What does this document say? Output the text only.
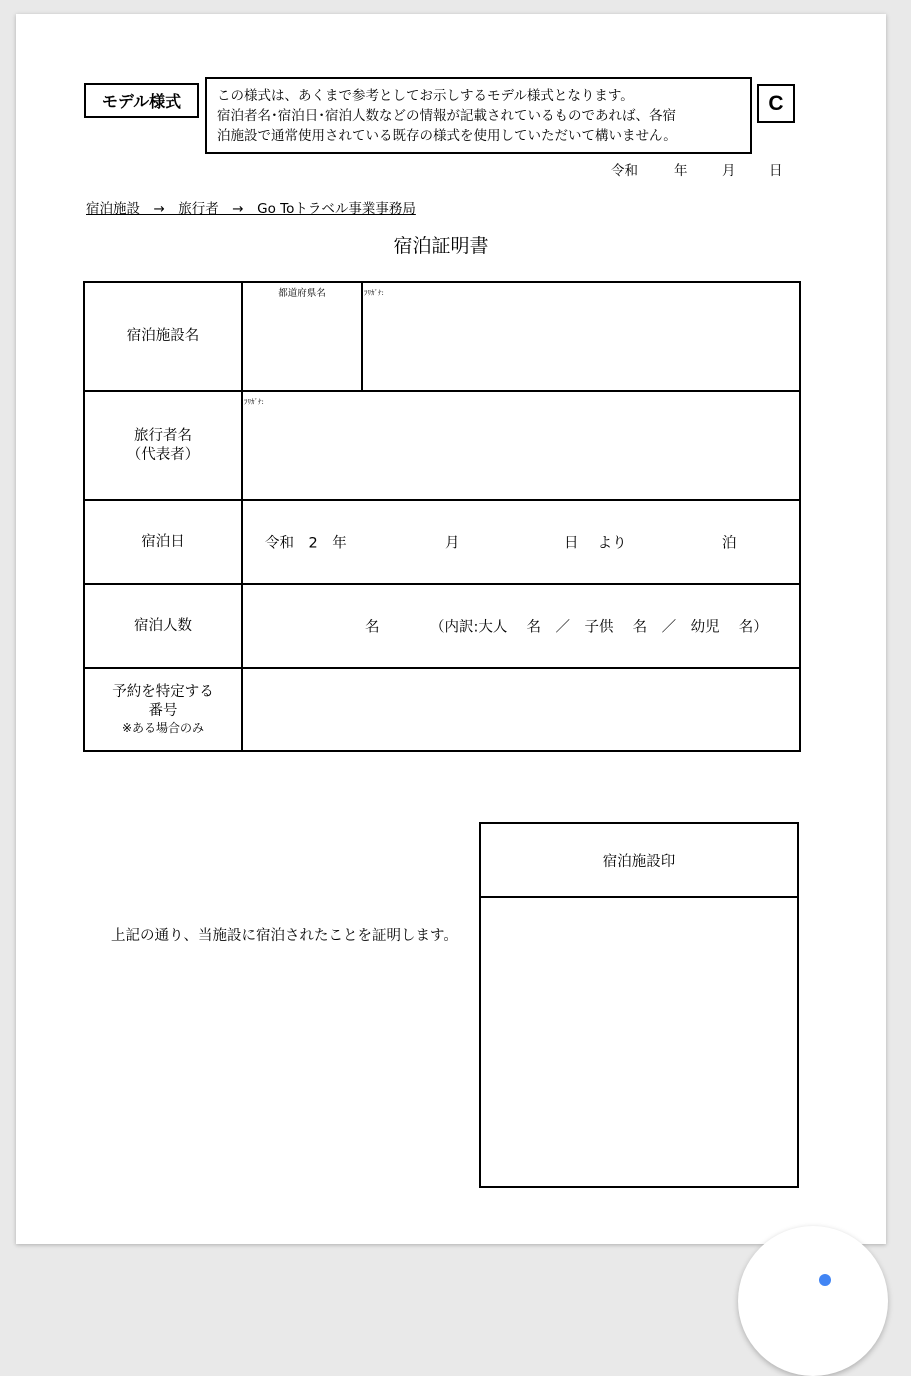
モデル様式	この様式は、あくまで参考としてお示しするモデル様式となります。
宿泊者名･宿泊日･宿泊人数などの情報が記載されているものであれば、各宿
泊施設で通常使用されている既存の様式を使用していただいて構いません。
C
令和	年	月 日
宿泊施設　→　旅行者　→　Go Toトラベル事業事務局
宿泊証明書
宿泊施設名	都道府県名	ﾌﾘｶﾞﾅ:

旅行者名
（代表者）	ﾌﾘｶﾞﾅ:	

宿泊日	令和　2　年 月 日　 より 泊	

宿泊人数	名 （内訳:大人　 名　／　子供　 名　／　幼児　 名）	

予約を特定する
番号
※ある場合のみ		

上記の通り、当施設に宿泊されたことを証明します。
宿泊施設印
